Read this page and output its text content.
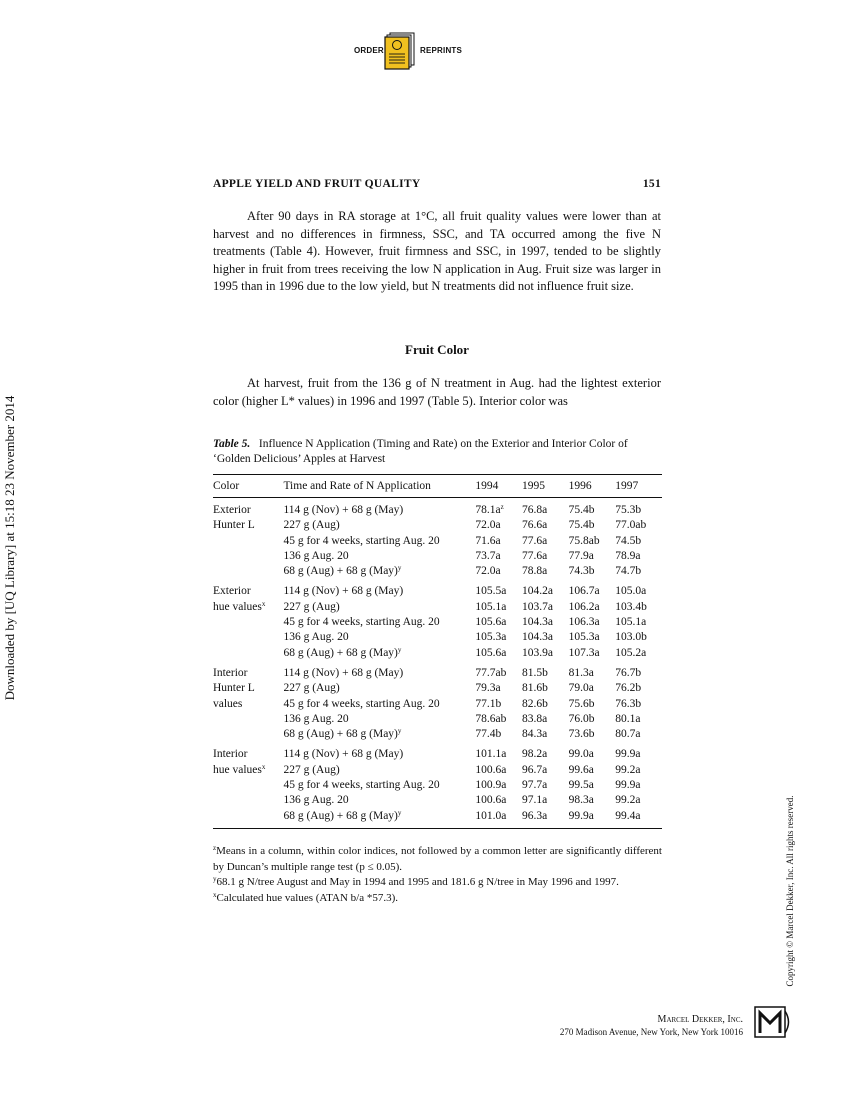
ORDER	REPRINTS
APPLE YIELD AND FRUIT QUALITY	151

After 90 days in RA storage at 1°C, all fruit quality values were lower than at harvest and no differences in firmness, SSC, and TA occurred among the five N treatments (Table 4). However, fruit firmness and SSC, in 1997, tended to be slightly higher in fruit from trees receiving the low N application in Aug. Fruit size was larger in 1995 than in 1996 due to the low yield, but N treatments did not influence fruit size.

Fruit Color

At harvest, fruit from the 136 g of N treatment in Aug. had the lightest exterior color (higher L* values) in 1996 and 1997 (Table 5). Interior color was

Table 5. Influence N Application (Timing and Rate) on the Exterior and Interior Color of ‘Golden Delicious’ Apples at Harvest
Color	Time and Rate of N Application	1994	1995	1996	1997
Exterior	114 g (Nov) + 68 g (May)	$78.1a^z$	76.8a	75.4b	75.3b
Hunter L	227 g (Aug)	72.0a	76.6a	75.4b	77.0ab
	45 g for 4 weeks, starting Aug. 20	71.6a	77.6a	75.8ab	74.5b
	136 g Aug. 20	73.7a	77.6a	77.9a	78.9a
	68 g (Aug) + 68 g (May)$^y$	72.0a	78.8a	74.3b	74.7b
Exterior	114 g (Nov) + 68 g (May)	105.5a	104.2a	106.7a	105.0a
hue values$^x$	227 g (Aug)	105.1a	103.7a	106.2a	103.4b
	45 g for 4 weeks, starting Aug. 20	105.6a	104.3a	106.3a	105.1a
	136 g Aug. 20	105.3a	104.3a	105.3a	103.0b
	68 g (Aug) + 68 g (May)$^y$	105.6a	103.9a	107.3a	105.2a
Interior	114 g (Nov) + 68 g (May)	77.7ab	81.5b	81.3a	76.7b
Hunter L	227 g (Aug)	79.3a	81.6b	79.0a	76.2b
values	45 g for 4 weeks, starting Aug. 20	77.1b	82.6b	75.6b	76.3b
	136 g Aug. 20	78.6ab	83.8a	76.0b	80.1a
	68 g (Aug) + 68 g (May)$^y$	77.4b	84.3a	73.6b	80.7a
Interior	114 g (Nov) + 68 g (May)	101.1a	98.2a	99.0a	99.9a
hue values$^x$	227 g (Aug)	100.6a	96.7a	99.6a	99.2a
	45 g for 4 weeks, starting Aug. 20	100.9a	97.7a	99.5a	99.9a
	136 g Aug. 20	100.6a	97.1a	98.3a	99.2a
	68 g (Aug) + 68 g (May)$^y$	101.0a	96.3a	99.9a	99.4a

$^z$Means in a column, within color indices, not followed by a common letter are significantly different by Duncan’s multiple range test (p ≤ 0.05).

$^y$68.1 g N/tree August and May in 1994 and 1995 and 181.6 g N/tree in May 1996 and 1997.

$^x$Calculated hue values (ATAN b/a *57.3).

Downloaded by [UQ Library] at 15:18 23 November 2014
Copyright © Marcel Dekker, Inc. All rights reserved.
Marcel Dekker, Inc.
270 Madison Avenue, New York, New York 10016
